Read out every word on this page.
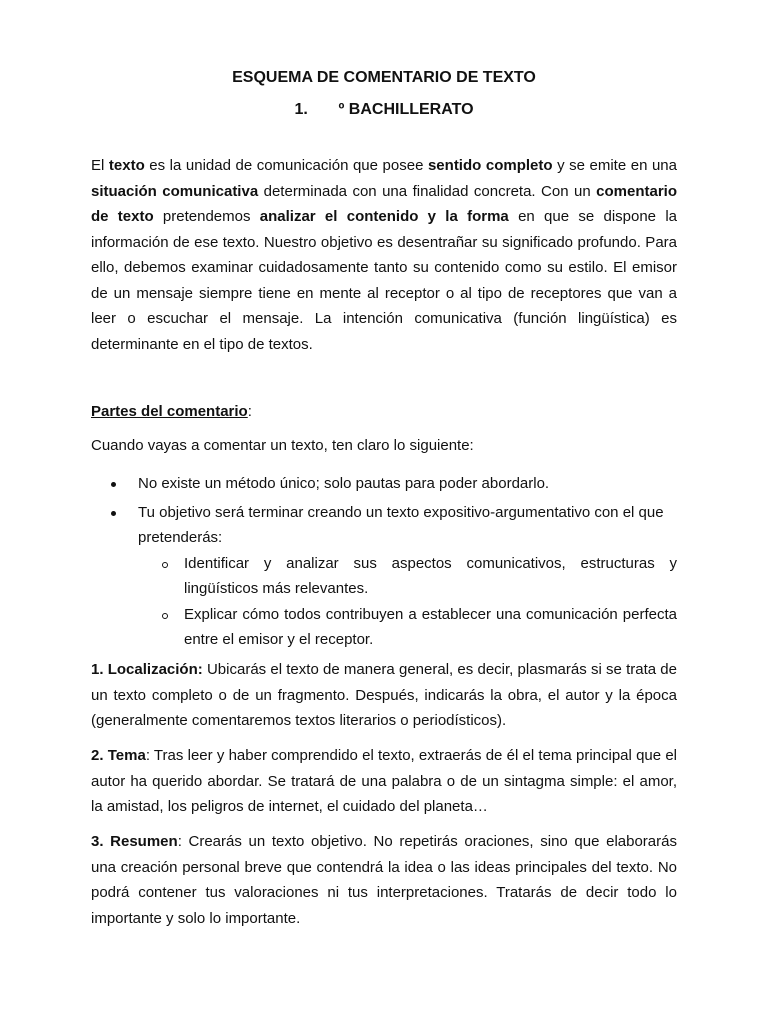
ESQUEMA DE COMENTARIO DE TEXTO
1. º BACHILLERATO

El texto es la unidad de comunicación que posee sentido completo y se emite en una situación comunicativa determinada con una finalidad concreta. Con un comentario de texto pretendemos analizar el contenido y la forma en que se dispone la información de ese texto. Nuestro objetivo es desentrañar su significado profundo. Para ello, debemos examinar cuidadosamente tanto su contenido como su estilo. El emisor de un mensaje siempre tiene en mente al receptor o al tipo de receptores que van a leer o escuchar el mensaje. La intención comunicativa (función lingüística) es determinante en el tipo de textos.

Partes del comentario:

Cuando vayas a comentar un texto, ten claro lo siguiente:

No existe un método único; solo pautas para poder abordarlo.
Tu objetivo será terminar creando un texto expositivo-argumentativo con el que pretenderás:
Identificar y analizar sus aspectos comunicativos, estructuras y lingüísticos más relevantes.
Explicar cómo todos contribuyen a establecer una comunicación perfecta entre el emisor y el receptor.

1. Localización: Ubicarás el texto de manera general, es decir, plasmarás si se trata de un texto completo o de un fragmento. Después, indicarás la obra, el autor y la época (generalmente comentaremos textos literarios o periodísticos).

2. Tema: Tras leer y haber comprendido el texto, extraerás de él el tema principal que el autor ha querido abordar. Se tratará de una palabra o de un sintagma simple: el amor, la amistad, los peligros de internet, el cuidado del planeta…

3. Resumen: Crearás un texto objetivo. No repetirás oraciones, sino que elaborarás una creación personal breve que contendrá la idea o las ideas principales del texto. No podrá contener tus valoraciones ni tus interpretaciones. Tratarás de decir todo lo importante y solo lo importante.
